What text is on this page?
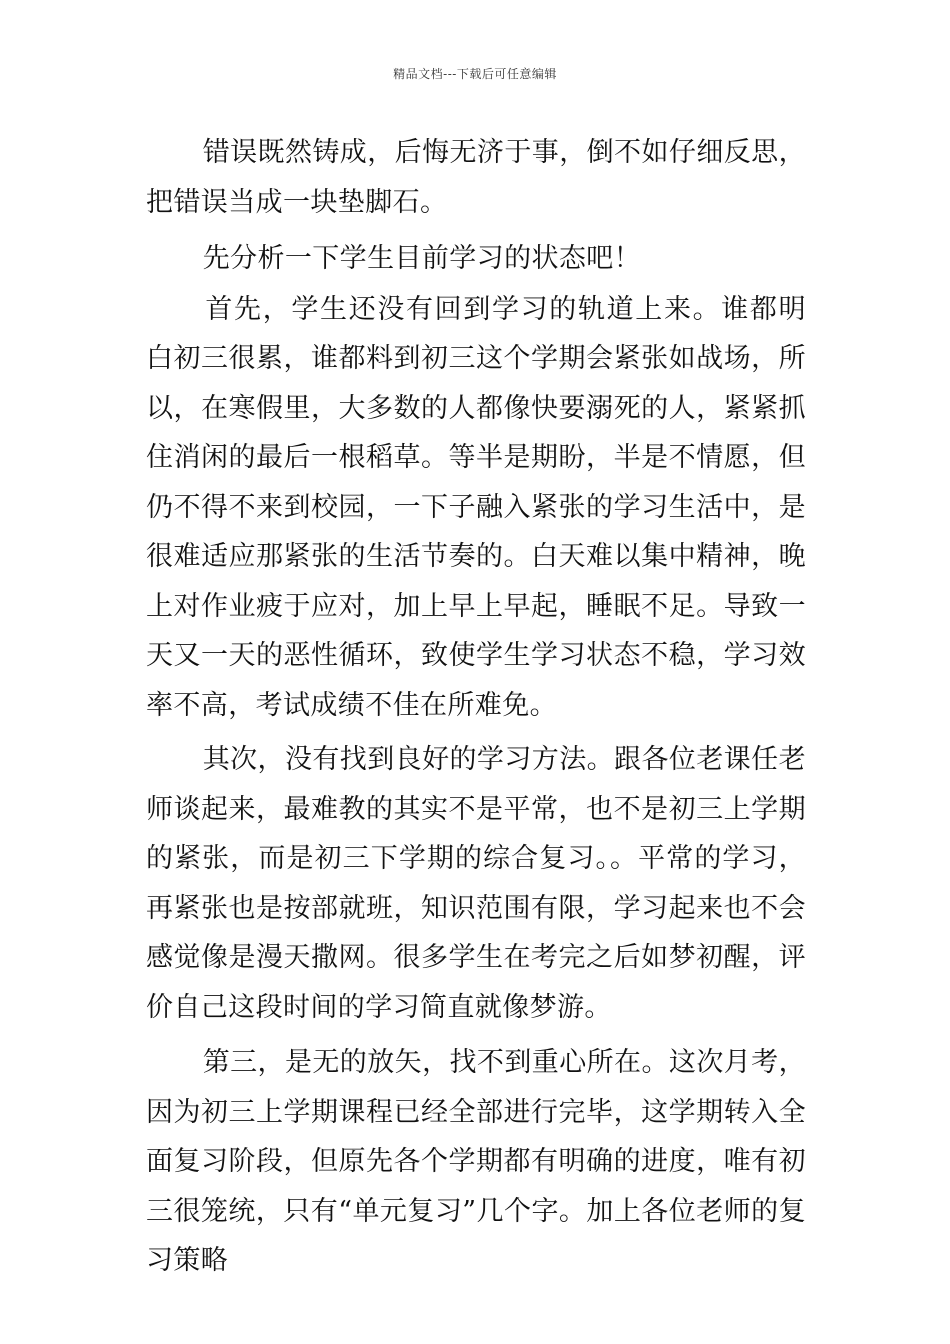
精品文档---下载后可任意编辑

错误既然铸成，后悔无济于事，倒不如仔细反思，把错误当成一块垫脚石。

先分析一下学生目前学习的状态吧！

首先，学生还没有回到学习的轨道上来。谁都明白初三很累，谁都料到初三这个学期会紧张如战场，所以，在寒假里，大多数的人都像快要溺死的人，紧紧抓住消闲的最后一根稻草。等半是期盼，半是不情愿，但仍不得不来到校园，一下子融入紧张的学习生活中，是很难适应那紧张的生活节奏的。白天难以集中精神，晚上对作业疲于应对，加上早上早起，睡眠不足。导致一天又一天的恶性循环，致使学生学习状态不稳，学习效率不高，考试成绩不佳在所难免。

其次，没有找到良好的学习方法。跟各位老课任老师谈起来，最难教的其实不是平常，也不是初三上学期的紧张，而是初三下学期的综合复习。。平常的学习，再紧张也是按部就班，知识范围有限，学习起来也不会感觉像是漫天撒网。很多学生在考完之后如梦初醒，评价自己这段时间的学习简直就像梦游。

第三，是无的放矢，找不到重心所在。这次月考，因为初三上学期课程已经全部进行完毕，这学期转入全面复习阶段，但原先各个学期都有明确的进度，唯有初三很笼统，只有“单元复习”几个字。加上各位老师的复习策略
